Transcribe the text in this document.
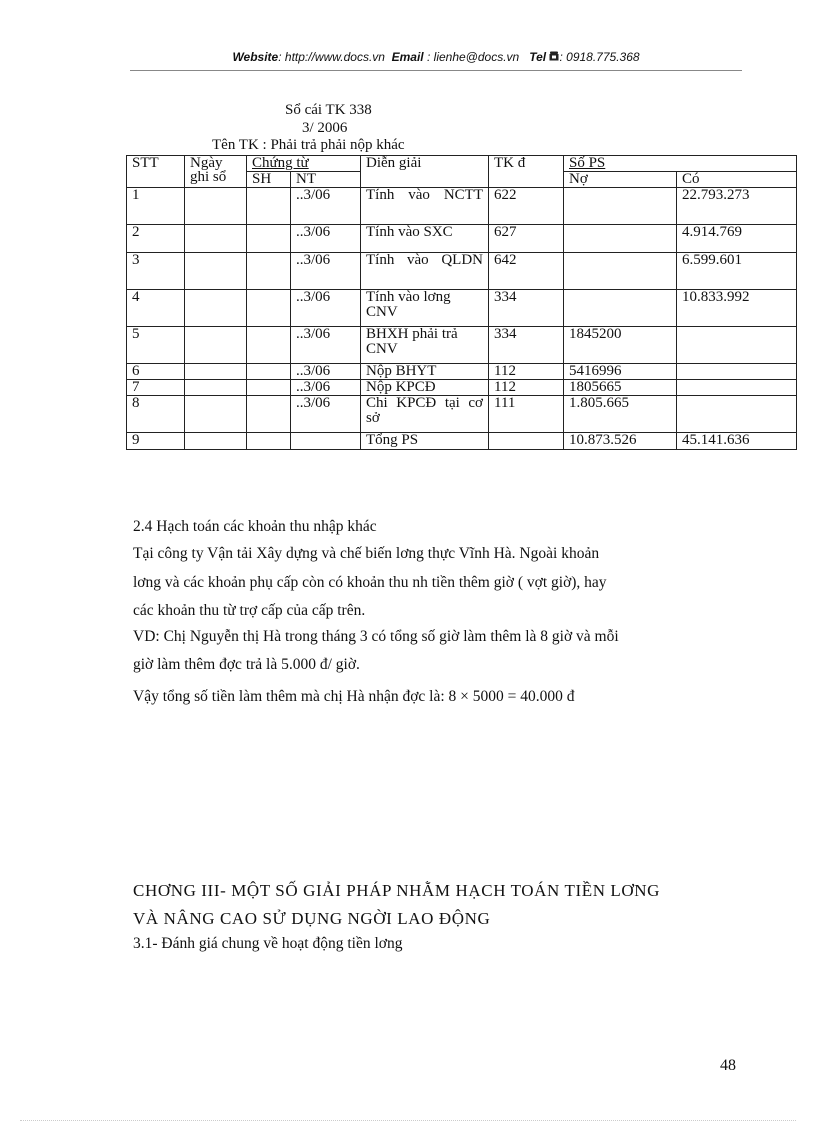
Website: http://www.docs.vn Email : lienhe@docs.vn Tel : 0918.775.368
Sổ cái TK 338
3/ 2006
Tên TK : Phải trả phải nộp khác
STT	Ngày ghi sổ	Chứng từ		Diễn giải	TK đ	Số PS	
		SH	NT			Nợ	Có
1			..3/06	Tính vào NCTT	622		22.793.273
2			..3/06	Tính vào SXC	627		4.914.769
3			..3/06	Tính vào QLDN	642		6.599.601
4			..3/06	Tính vào lơng CNV	334		10.833.992
5			..3/06	BHXH phải trả CNV	334	1845200	
6			..3/06	Nộp BHYT	112	5416996	
7			..3/06	Nộp KPCĐ	112	1805665	
8			..3/06	Chi KPCĐ tại cơ sở	111	1.805.665	
9				Tổng PS		10.873.526	45.141.636
2.4 Hạch toán các khoản thu nhập khác
Tại công ty Vận tải Xây dựng và chế biến lơng thực Vĩnh Hà. Ngoài khoản
lơng và các khoản phụ cấp còn có khoản thu nh tiền thêm giờ ( vợt giờ), hay
các khoản thu từ trợ cấp của cấp trên.
VD: Chị Nguyễn thị Hà trong tháng 3 có tổng số giờ làm thêm là 8 giờ và mỗi
giờ làm thêm đợc trả là 5.000 đ/ giờ.
Vậy tổng số tiền làm thêm mà chị Hà nhận đợc là: 8 × 5000 = 40.000 đ
CHƠNG III- MỘT SỐ GIẢI PHÁP NHẰM HẠCH TOÁN TIỀN LƠNG
VÀ NÂNG CAO SỬ DỤNG NGỜI LAO ĐỘNG
3.1- Đánh giá chung về hoạt động tiền lơng
48
